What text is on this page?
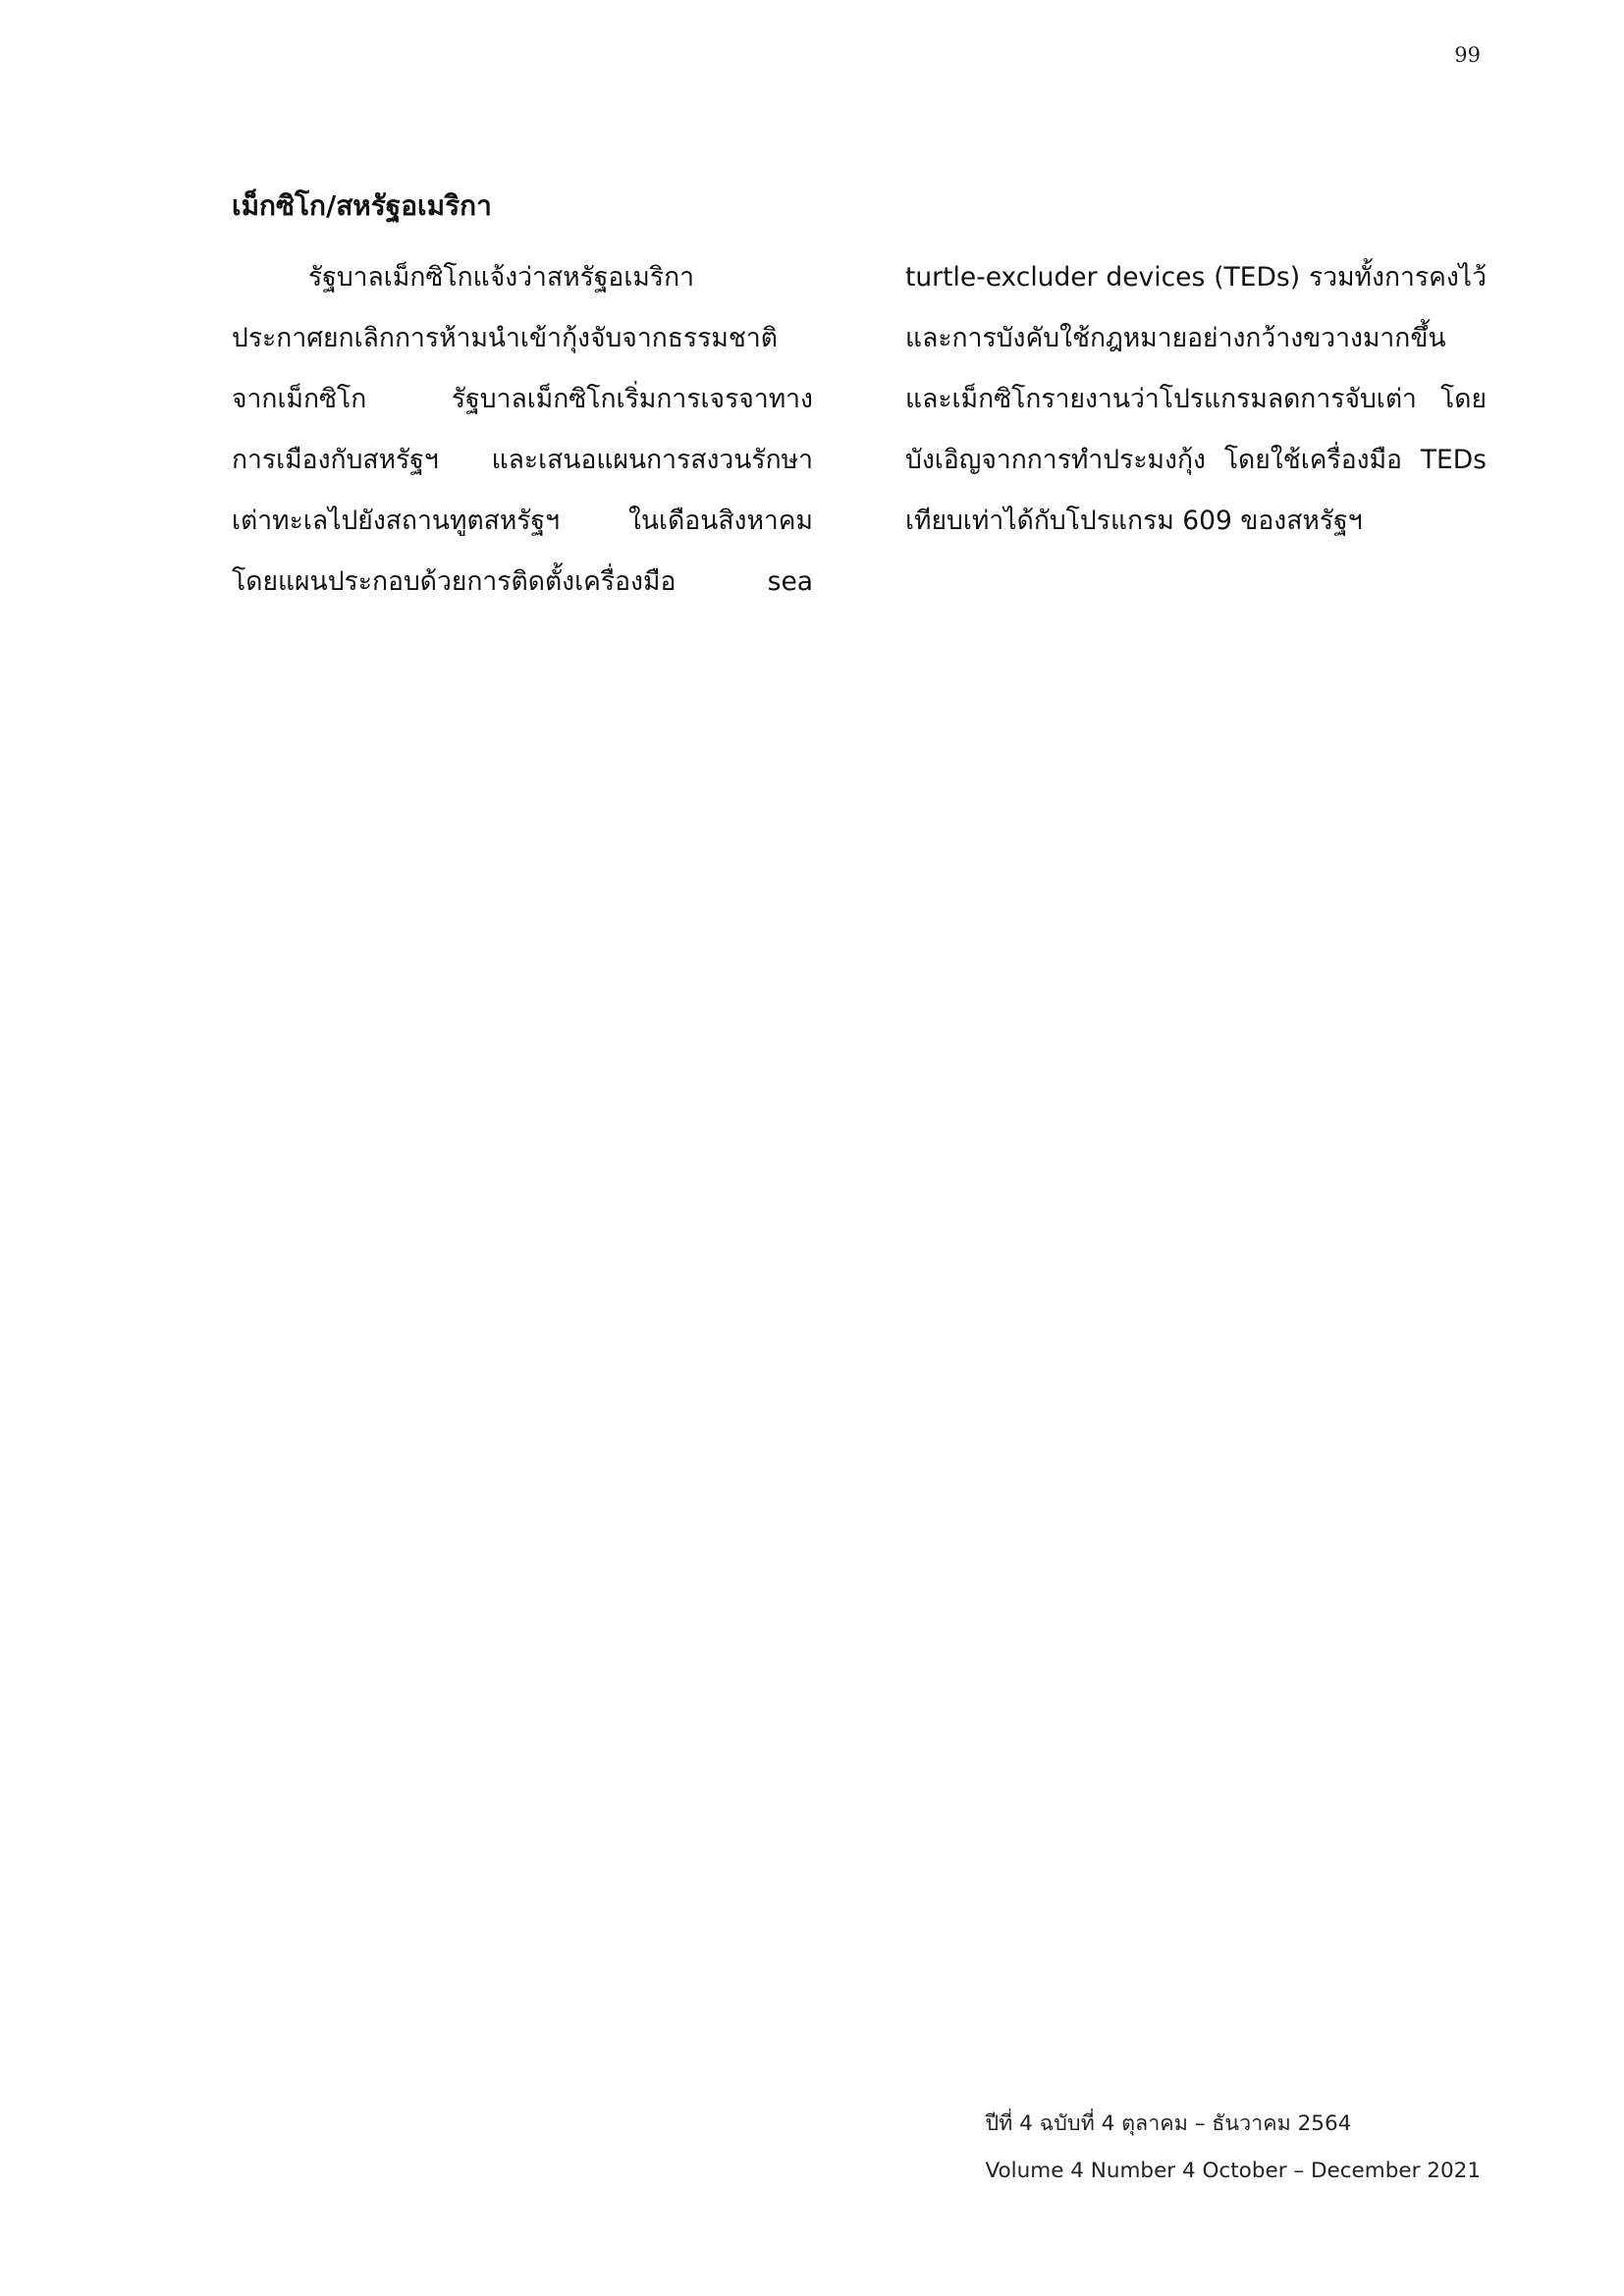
99
เม็กซิโก/สหรัฐอเมริกา
รัฐบาลเม็กซิโกแจ้งว่าสหรัฐอเมริกา
ประกาศยกเลิกการห้ามนำเข้ากุ้งจับจากธรรมชาติ
จากเม็กซิโก รัฐบาลเม็กซิโกเริ่มการเจรจาทาง
การเมืองกับสหรัฐฯ และเสนอแผนการสงวนรักษา
เต่าทะเลไปยังสถานทูตสหรัฐฯ ในเดือนสิงหาคม
โดยแผนประกอบด้วยการติดตั้งเครื่องมือ sea
turtle-excluder devices (TEDs) รวมทั้งการคงไว้
และการบังคับใช้กฎหมายอย่างกว้างขวางมากขึ้น
และเม็กซิโกรายงานว่าโปรแกรมลดการจับเต่า โดย
บังเอิญจากการทำประมงกุ้ง โดยใช้เครื่องมือ TEDs
เทียบเท่าได้กับโปรแกรม 609 ของสหรัฐฯ
ปีที่ 4 ฉบับที่ 4 ตุลาคม – ธันวาคม 2564
Volume 4 Number 4 October – December 2021
